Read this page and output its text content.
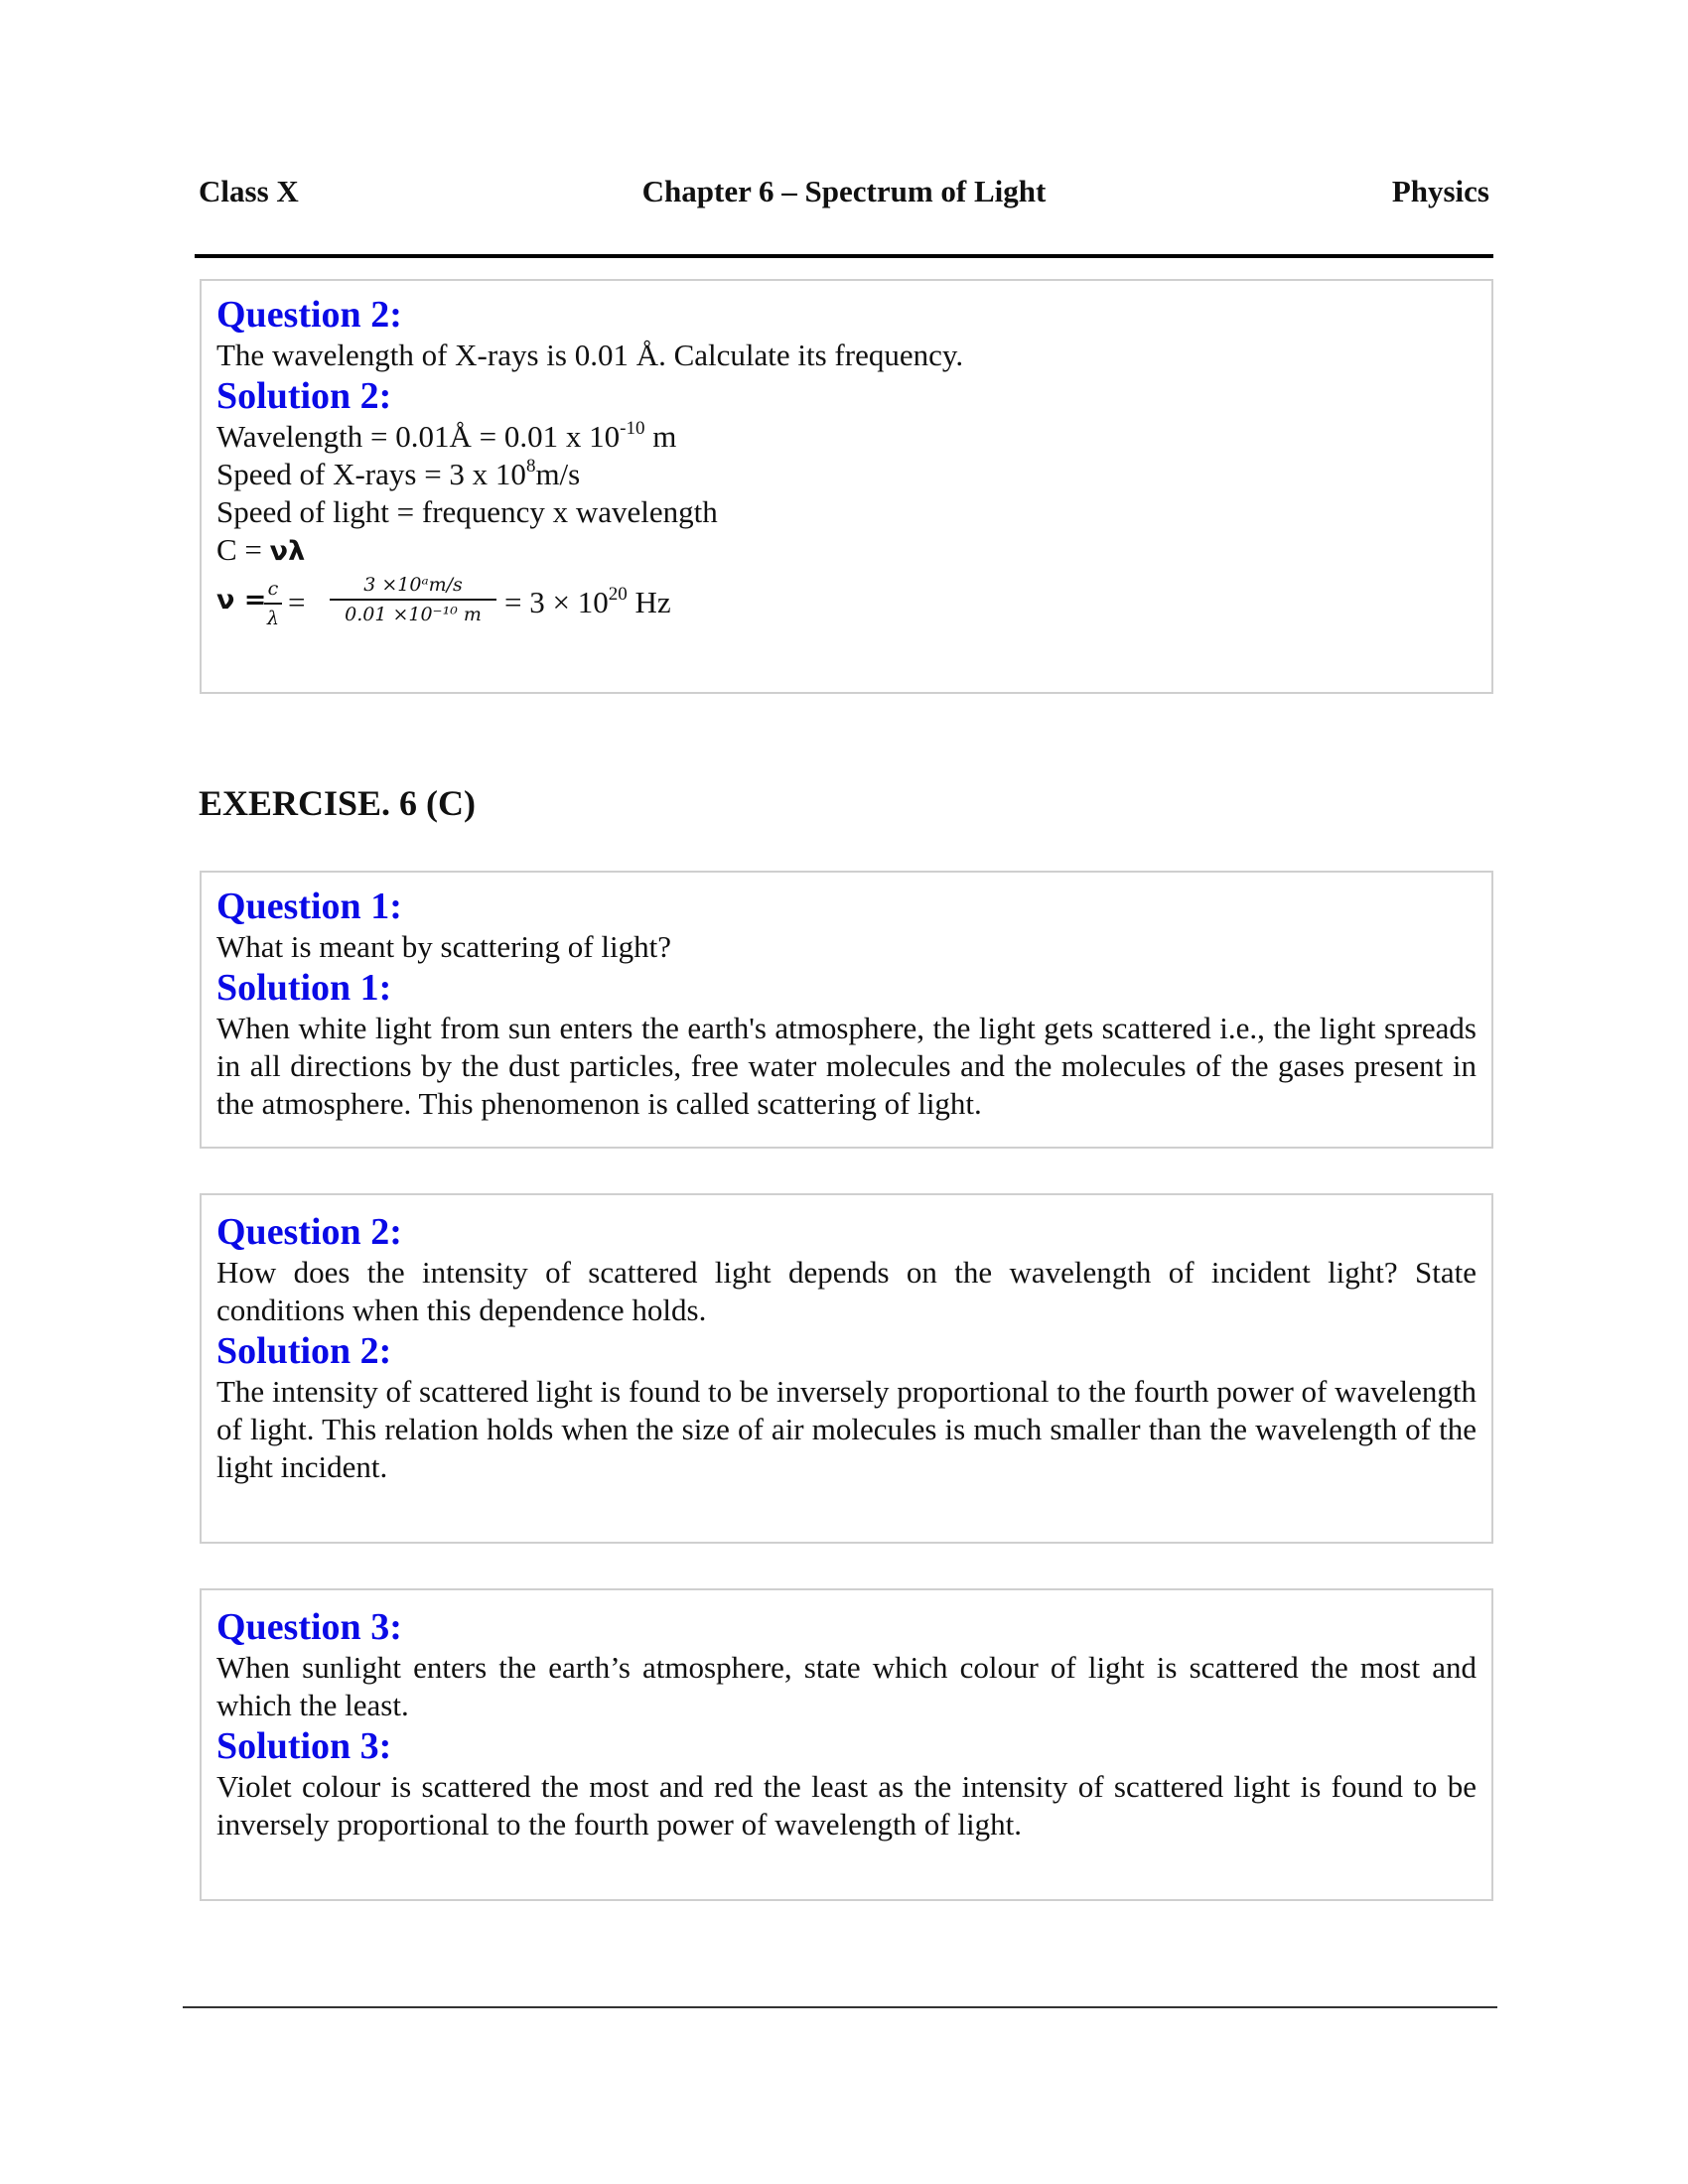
Class X	Chapter 6 – Spectrum of Light	Physics
Question 2:
The wavelength of X-rays is 0.01 Å. Calculate its frequency.
Solution 2:
Wavelength = 0.01Å = 0.01 x $10^{-10}$ m
Speed of X-rays = 3 x $10^8m/s$
Speed of light = frequency x wavelength
C = νλ
ν = c
λ =	3 ×10ᵃm/s
0.01 ×10⁻¹⁰ $m = 3 \times 10^{20}$ Hz
EXERCISE. 6 (C)
Question 1:
What is meant by scattering of light?
Solution 1:
When white light from sun enters the earth's atmosphere, the light gets scattered i.e., the light spreads in all directions by the dust particles, free water molecules and the molecules of the gases present in the atmosphere. This phenomenon is called scattering of light.
Question 2:
How does the intensity of scattered light depends on the wavelength of incident light? State conditions when this dependence holds.
Solution 2:
The intensity of scattered light is found to be inversely proportional to the fourth power of wavelength of light. This relation holds when the size of air molecules is much smaller than the wavelength of the light incident.
Question 3:
When sunlight enters the earth’s atmosphere, state which colour of light is scattered the most and which the least.
Solution 3:
Violet colour is scattered the most and red the least as the intensity of scattered light is found to be inversely proportional to the fourth power of wavelength of light.
